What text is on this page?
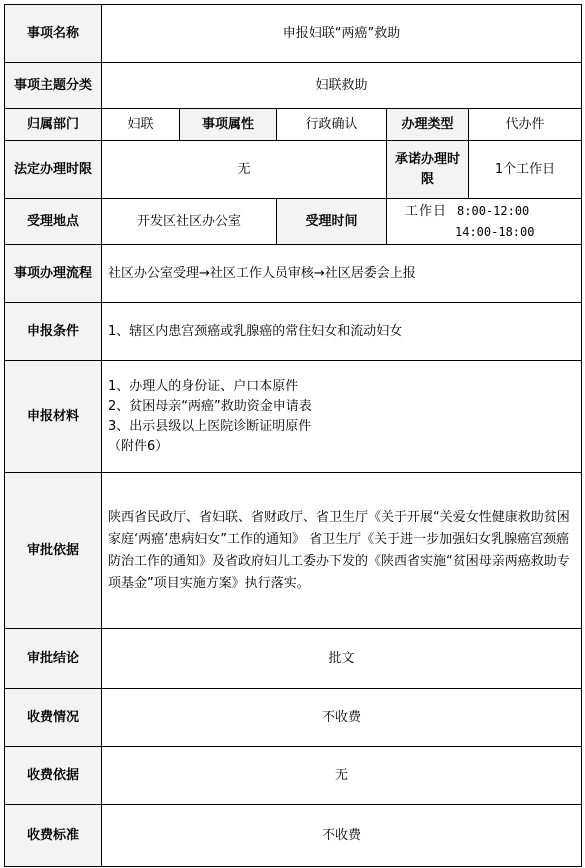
事项名称	申报妇联“两癌”救助				
事项主题分类	妇联救助				
归属部门	妇联	事项属性	行政确认	办理类型	代办件
法定办理时限	无			承诺办理时限	1个工作日
受理地点	开发区社区办公室		受理时间	工作日 8:00-12:00
14:00-18:00	

事项办理流程	社区办公室受理→社区工作人员审核→社区居委会上报				
申报条件	1、辖区内患宫颈癌或乳腺癌的常住妇女和流动妇女				
申报材料	1、办理人的身份证、户口本原件
2、贫困母亲“两癌”救助资金申请表
3、出示县级以上医院诊断证明原件
（附件6）				

审批依据	陕西省民政厅、省妇联、省财政厅、省卫生厅《关于开展“关爱女性健康救助贫困家庭‘两癌’患病妇女”工作的通知》 省卫生厅《关于进一步加强妇女乳腺癌宫颈癌防治工作的通知》及省政府妇儿工委办下发的《陕西省实施“贫困母亲两癌救助专项基金”项目实施方案》执行落实。				
审批结论	批文				
收费情况	不收费				
收费依据	无				
收费标准	不收费				
